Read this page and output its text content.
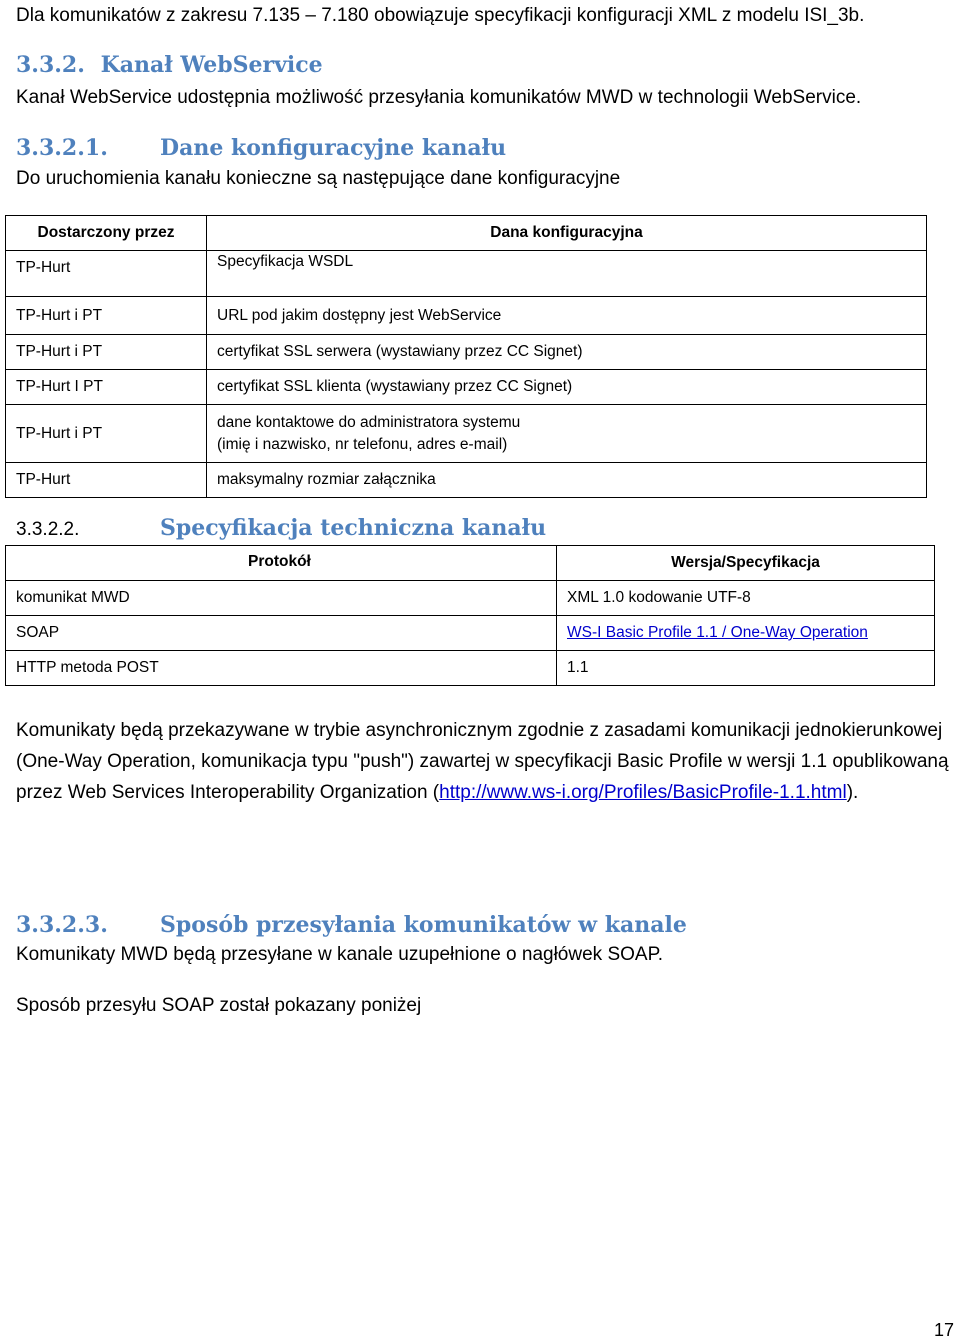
Dla komunikatów z zakresu 7.135 – 7.180 obowiązuje specyfikacji konfiguracji XML z modelu ISI_3b.
3.3.2. Kanał WebService
Kanał WebService udostępnia możliwość przesyłania komunikatów MWD w technologii WebService.
3.3.2.1. Dane konfiguracyjne kanału
Do uruchomienia kanału konieczne są następujące dane konfiguracyjne
Dostarczony przez	Dana konfiguracyjna
TP-Hurt	Specyfikacja WSDL
TP-Hurt i PT	URL pod jakim dostępny jest WebService
TP-Hurt i PT	certyfikat SSL serwera (wystawiany przez CC Signet)
TP-Hurt I PT	certyfikat SSL klienta (wystawiany przez CC Signet)
TP-Hurt i PT	dane kontaktowe do administratora systemu
(imię i nazwisko, nr telefonu, adres e-mail)
TP-Hurt	maksymalny rozmiar załącznika
3.3.2.2.	Specyfikacja techniczna kanału
Protokół	Wersja/Specyfikacja
komunikat MWD	XML 1.0 kodowanie UTF-8
SOAP	WS-I Basic Profile 1.1 / One-Way Operation
HTTP metoda POST	1.1
Komunikaty będą przekazywane w trybie asynchronicznym zgodnie z zasadami komunikacji jednokierunkowej (One-Way Operation, komunikacja typu "push") zawartej w specyfikacji Basic Profile w wersji 1.1 opublikowaną przez Web Services Interoperability Organization (http://www.ws-i.org/Profiles/BasicProfile-1.1.html).
3.3.2.3. Sposób przesyłania komunikatów w kanale
Komunikaty MWD będą przesyłane w kanale uzupełnione o nagłówek SOAP.
Sposób przesyłu SOAP został pokazany poniżej
17
